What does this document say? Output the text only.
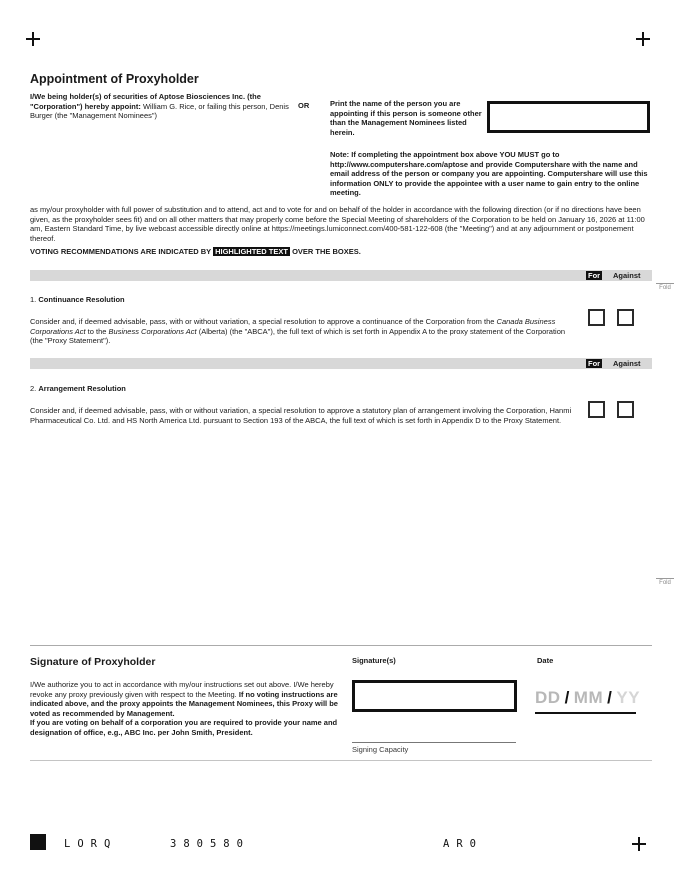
Appointment of Proxyholder

I/We being holder(s) of securities of Aptose Biosciences Inc. (the "Corporation") hereby appoint: William G. Rice, or failing this person, Denis Burger (the "Management Nominees")

OR	Print the name of the person you are appointing if this person is someone other than the Management Nominees listed herein.

Note: If completing the appointment box above YOU MUST go to http://www.computershare.com/aptose and provide Computershare with the name and email address of the person or company you are appointing. Computershare will use this information ONLY to provide the appointee with a user name to gain entry to the online meeting.

as my/our proxyholder with full power of substitution and to attend, act and to vote for and on behalf of the holder in accordance with the following direction (or if no directions have been given, as the proxyholder sees fit) and on all other matters that may properly come before the Special Meeting of shareholders of the Corporation to be held on January 16, 2026 at 11:00 am, Eastern Standard Time, by live webcast accessible directly online at https://meetings.lumiconnect.com/400-581-122-608 (the "Meeting") and at any adjournment or postponement thereof.

VOTING RECOMMENDATIONS ARE INDICATED BY HIGHLIGHTED TEXT OVER THE BOXES.

For Against
Fold

1. Continuance Resolution

Consider and, if deemed advisable, pass, with or without variation, a special resolution to approve a continuance of the Corporation from the Canada Business Corporations Act to the Business Corporations Act (Alberta) (the "ABCA"), the full text of which is set forth in Appendix A to the proxy statement of the Corporation (the "Proxy Statement").

For Against

2. Arrangement Resolution

Consider and, if deemed advisable, pass, with or without variation, a special resolution to approve a statutory plan of arrangement involving the Corporation, Hanmi Pharmaceutical Co. Ltd. and HS North America Ltd. pursuant to Section 193 of the ABCA, the full text of which is set forth in Appendix D to the Proxy Statement.

Fold
Signature of Proxyholder

I/We authorize you to act in accordance with my/our instructions set out above. I/We hereby revoke any proxy previously given with respect to the Meeting. If no voting instructions are indicated above, and the proxy appoints the Management Nominees, this Proxy will be voted as recommended by Management.
If you are voting on behalf of a corporation you are required to provide your name and designation of office, e.g., ABC Inc. per John Smith, President.

Signature(s)	Date
DD / MM / YY
Signing Capacity
LORQ	380580	AR0
